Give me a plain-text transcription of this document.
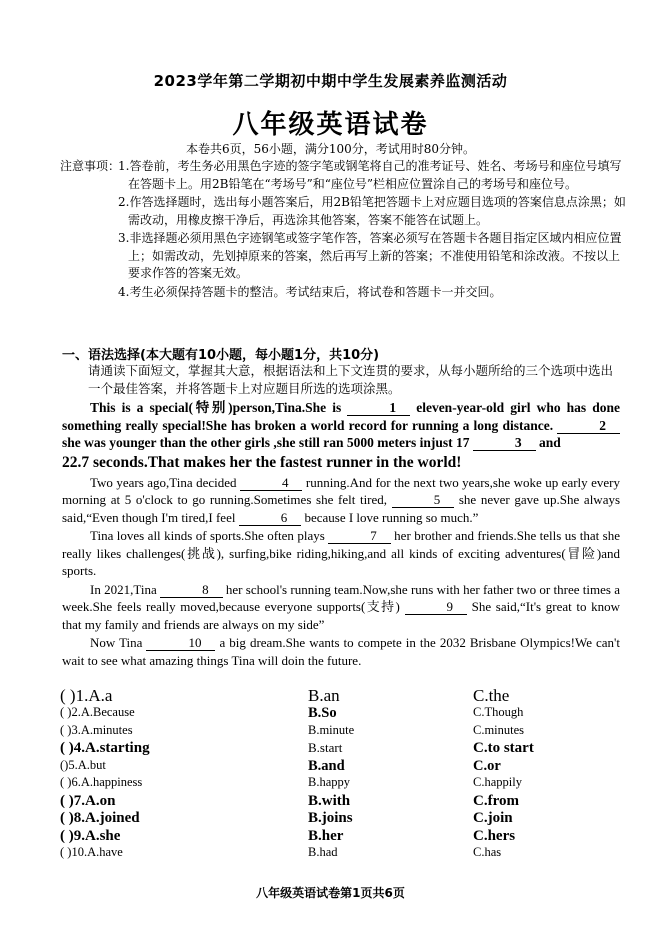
2023学年第二学期初中期中学生发展素养监测活动
八年级英语试卷
本卷共6页，56小题，满分100分，考试用时80分钟。
注意事项：
1.答卷前，考生务必用黑色字迹的签字笔或钢笔将自己的准考证号、姓名、考场号和座位号填写在答题卡上。用2B铅笔在“考场号”和“座位号”栏相应位置涂自己的考场号和座位号。
2.作答选择题时，选出每小题答案后，用2B铅笔把答题卡上对应题目选项的答案信息点涂黑；如需改动，用橡皮擦干净后，再选涂其他答案，答案不能答在试题上。
3.非选择题必须用黑色字迹钢笔或签字笔作答，答案必须写在答题卡各题目指定区域内相应位置上；如需改动，先划掉原来的答案，然后再写上新的答案；不准使用铅笔和涂改液。不按以上要求作答的答案无效。
4.考生必须保持答题卡的整洁。考试结束后，将试卷和答题卡一并交回。
一、语法选择(本大题有10小题，每小题1分，共10分)
请通读下面短文，掌握其大意，根据语法和上下文连贯的要求，从每小题所给的三个选项中选出一个最佳答案，并将答题卡上对应题目所选的选项涂黑。

This is a special(特别)person,Tina.She is	1 eleven-year-old girl who has done something really special!She has broken a world record for running a long distance.	2 she was younger than the other girls ,she still ran 5000 meters injust 17	3 and

22.7 seconds.That makes her the fastest runner in the world!

Two years ago,Tina decided	4 running.And for the next two years,she woke up early every morning at 5 o'clock to go running.Sometimes she felt tired,	5 she never gave up.She always said,“Even though I'm tired,I feel	6 because I love running so much.”

Tina loves all kinds of sports.She often plays	7 her brother and friends.She tells us that she really likes challenges(挑战), surfing,bike riding,hiking,and all kinds of exciting adventures(冒险)and sports.

In 2021,Tina	8 her school's running team.Now,she runs with her father two or three times a week.She feels really moved,because everyone supports(支持)	9 She said,“It's great to know that my family and friends are always on my side”

Now Tina	10 a big dream.She wants to compete in the 2032 Brisbane Olympics!We can't wait to see what amazing things Tina will doin the future.

( )1.A.a	B.an	C.the
( )2.A.Because	B.So	C.Though
( )3.A.minutes	B.minute	C.minutes
( )4.A.starting	B.start	C.to start
()5.A.but	B.and	C.or
( )6.A.happiness	B.happy	C.happily
( )7.A.on	B.with	C.from
( )8.A.joined	B.joins	C.join
( )9.A.she	B.her	C.hers
( )10.A.have	B.had	C.has
八年级英语试卷第1页共6页
